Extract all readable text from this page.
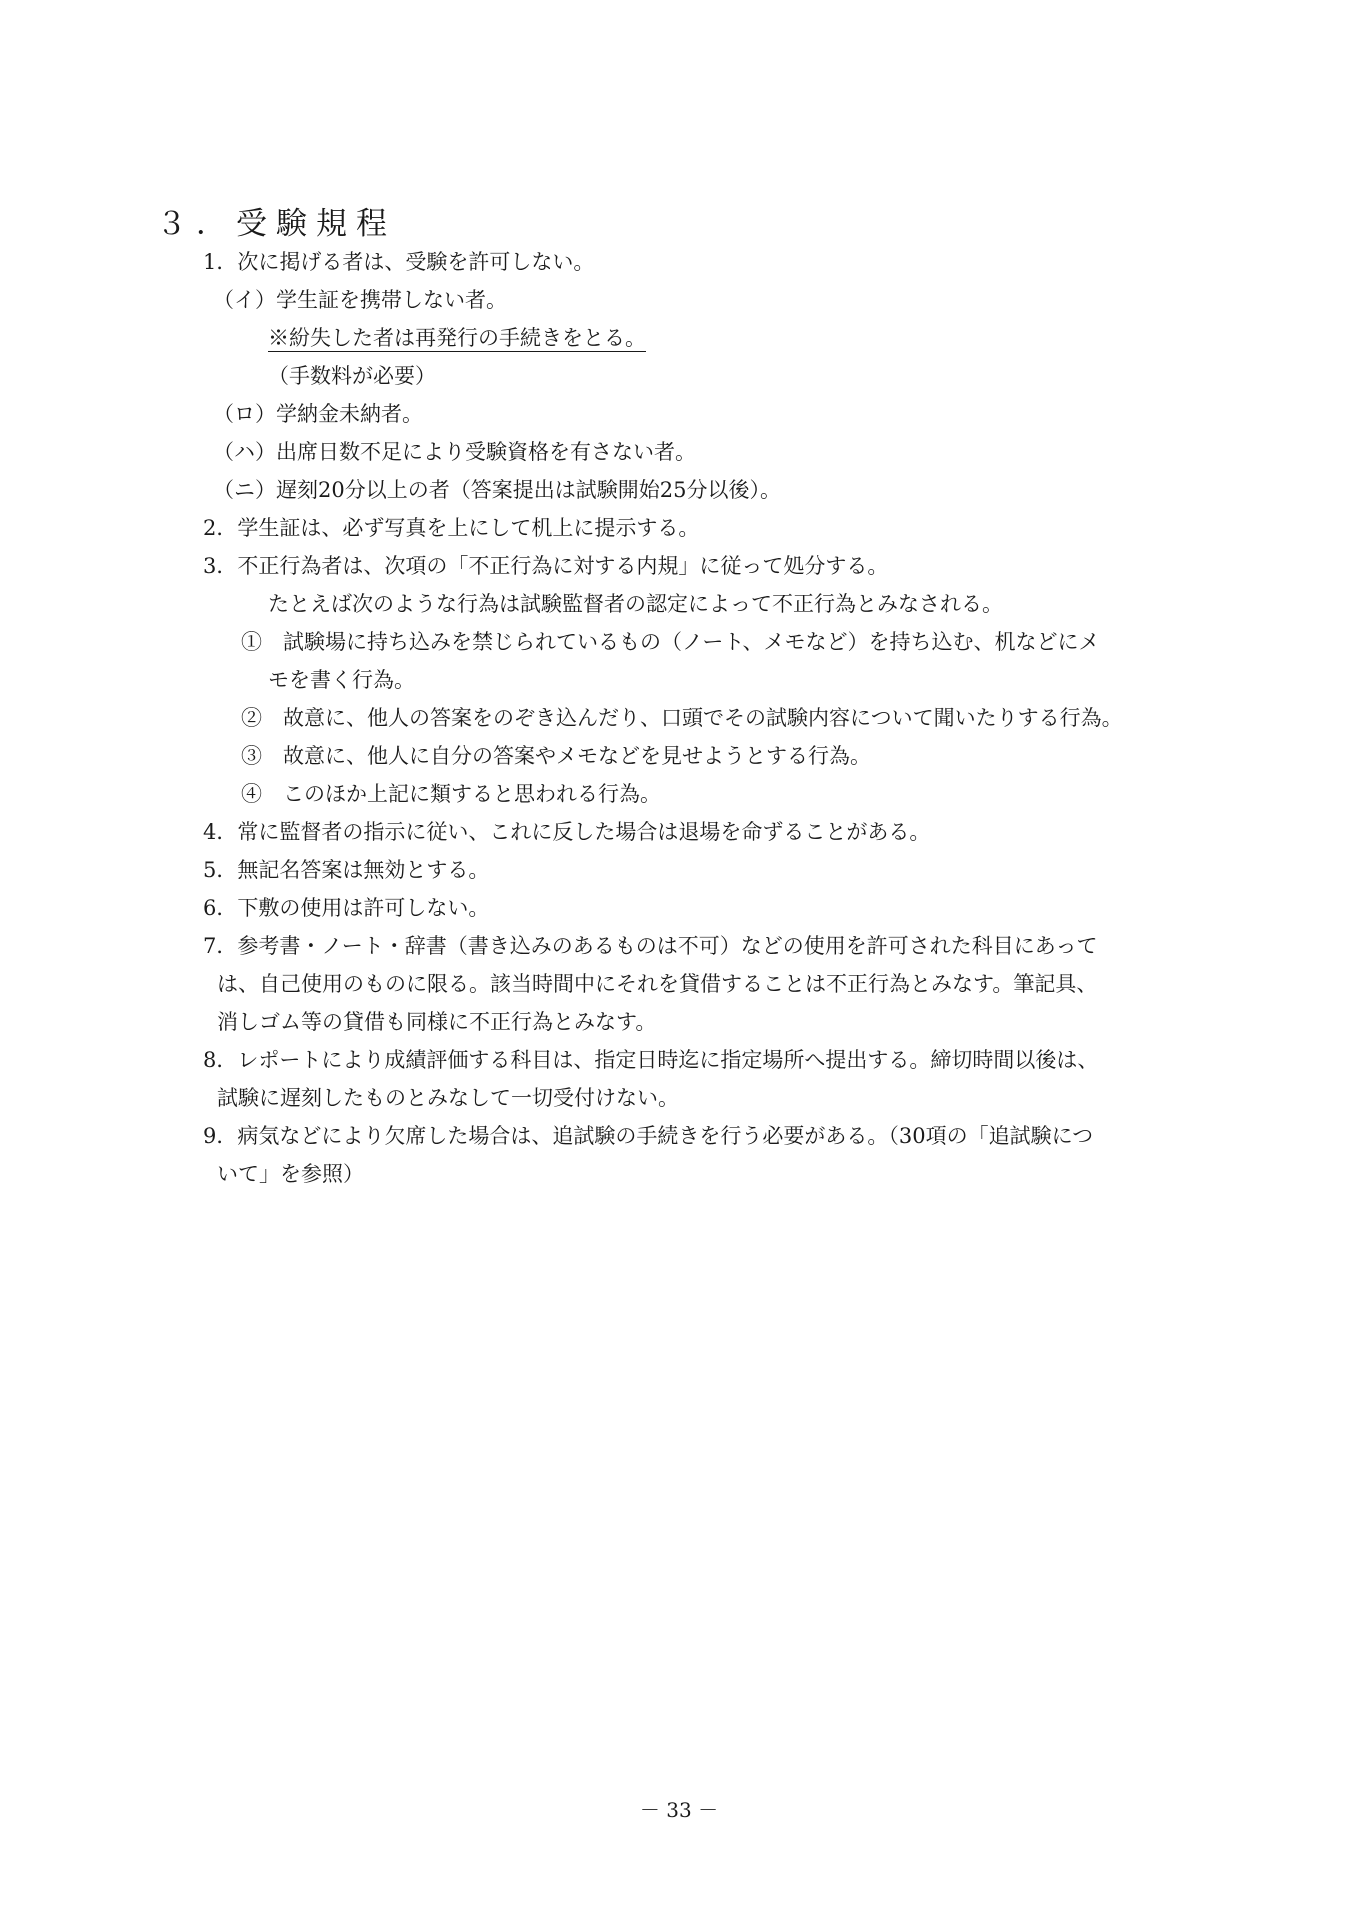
３．受験規程
1．次に掲げる者は、受験を許可しない。
（イ）学生証を携帯しない者。
※紛失した者は再発行の手続きをとる。
（手数料が必要）
（ロ）学納金未納者。
（ハ）出席日数不足により受験資格を有さない者。
（ニ）遅刻20分以上の者（答案提出は試験開始25分以後）。
2．学生証は、必ず写真を上にして机上に提示する。
3．不正行為者は、次項の「不正行為に対する内規」に従って処分する。
たとえば次のような行為は試験監督者の認定によって不正行為とみなされる。
①　試験場に持ち込みを禁じられているもの（ノート、メモなど）を持ち込む、机などにメ
モを書く行為。
②　故意に、他人の答案をのぞき込んだり、口頭でその試験内容について聞いたりする行為。
③　故意に、他人に自分の答案やメモなどを見せようとする行為。
④　このほか上記に類すると思われる行為。
4．常に監督者の指示に従い、これに反した場合は退場を命ずることがある。
5．無記名答案は無効とする。
6．下敷の使用は許可しない。
7．参考書・ノート・辞書（書き込みのあるものは不可）などの使用を許可された科目にあって
は、自己使用のものに限る。該当時間中にそれを貸借することは不正行為とみなす。筆記具、
消しゴム等の貸借も同様に不正行為とみなす。
8．レポートにより成績評価する科目は、指定日時迄に指定場所へ提出する。締切時間以後は、
試験に遅刻したものとみなして一切受付けない。
9．病気などにより欠席した場合は、追試験の手続きを行う必要がある。（30項の「追試験につ
いて」を参照）
－ 33 －
